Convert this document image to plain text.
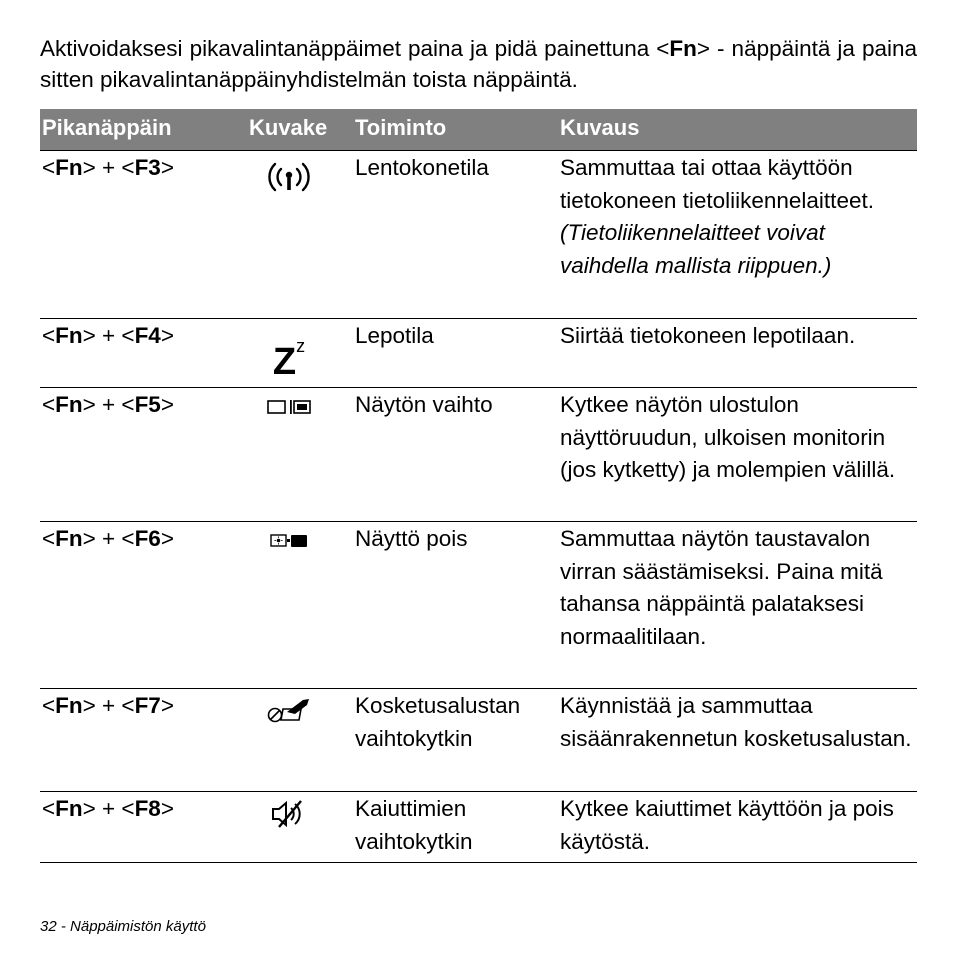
Aktivoidaksesi pikavalintanäppäimet paina ja pidä painettuna <Fn> - näppäintä ja paina sitten pikavalintanäppäinyhdistelmän toista näppäintä.

Pikanäppäin	Kuvake	Toiminto	Kuvaus
<Fn> + <F3>		Lentokonetila	Sammuttaa tai ottaa käyttöön tietokoneen tietoliikennelaitteet. (Tietoliikennelaitteet voivat vaihdella mallista riippuen.)
<Fn> + <F4>	$Z^z$	Lepotila	Siirtää tietokoneen lepotilaan.
<Fn> + <F5>		Näytön vaihto	Kytkee näytön ulostulon näyttöruudun, ulkoisen monitorin (jos kytketty) ja molempien välillä.
<Fn> + <F6>		Näyttö pois	Sammuttaa näytön taustavalon virran säästämiseksi. Paina mitä tahansa näppäintä palataksesi normaalitilaan.
<Fn> + <F7>		Kosketusalustan vaihtokytkin	Käynnistää ja sammuttaa sisäänrakennetun kosketusalustan.
<Fn> + <F8>		Kaiuttimien vaihtokytkin	Kytkee kaiuttimet käyttöön ja pois käytöstä.
32 - Näppäimistön käyttö
